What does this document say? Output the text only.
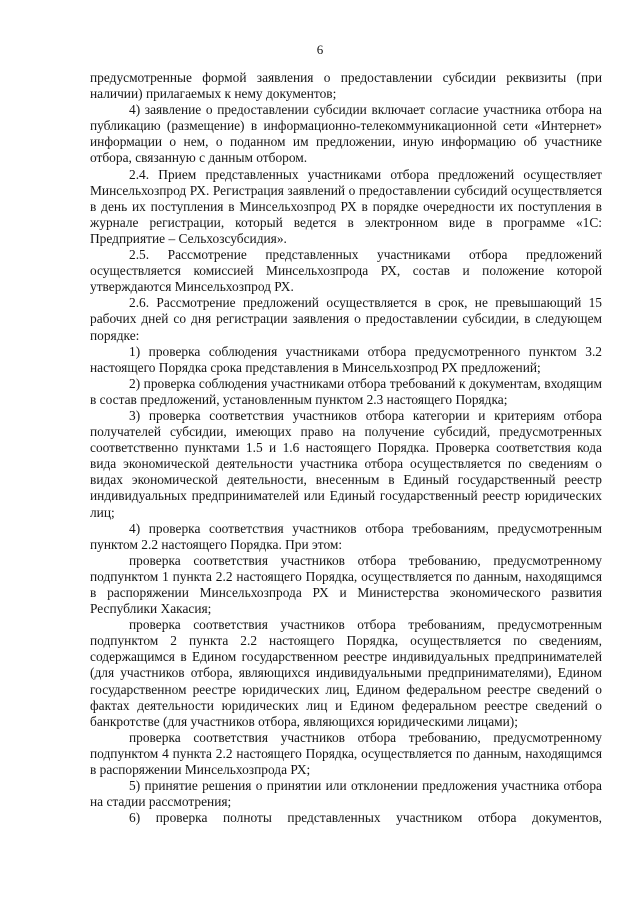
6

предусмотренные формой заявления о предоставлении субсидии реквизиты (при наличии) прилагаемых к нему документов;

4) заявление о предоставлении субсидии включает согласие участника отбора на публикацию (размещение) в информационно-телекоммуникационной сети «Интернет» информации о нем, о поданном им предложении, иную информацию об участнике отбора, связанную с данным отбором.

2.4. Прием представленных участниками отбора предложений осуществляет Минсельхозпрод РХ. Регистрация заявлений о предоставлении субсидий осуществляется в день их поступления в Минсельхозпрод РХ в порядке очередности их поступления в журнале регистрации, который ведется в электронном виде в программе «1С: Предприятие – Сельхозсубсидия».

2.5. Рассмотрение представленных участниками отбора предложений осуществляется комиссией Минсельхозпрода РХ, состав и положение которой утверждаются Минсельхозпрод РХ.

2.6. Рассмотрение предложений осуществляется в срок, не превышающий 15 рабочих дней со дня регистрации заявления о предоставлении субсидии, в следующем порядке:

1) проверка соблюдения участниками отбора предусмотренного пунктом 3.2 настоящего Порядка срока представления в Минсельхозпрод РХ предложений;

2) проверка соблюдения участниками отбора требований к документам, входящим в состав предложений, установленным пунктом 2.3 настоящего Порядка;

3) проверка соответствия участников отбора категории и критериям отбора получателей субсидии, имеющих право на получение субсидий, предусмотренных соответственно пунктами 1.5 и 1.6 настоящего Порядка. Проверка соответствия кода вида экономической деятельности участника отбора осуществляется по сведениям о видах экономической деятельности, внесенным в Единый государственный реестр индивидуальных предпринимателей или Единый государственный реестр юридических лиц;

4) проверка соответствия участников отбора требованиям, предусмотренным пунктом 2.2 настоящего Порядка. При этом:

проверка соответствия участников отбора требованию, предусмотренному подпунктом 1 пункта 2.2 настоящего Порядка, осуществляется по данным, находящимся в распоряжении Минсельхозпрода РХ и Министерства экономического развития Республики Хакасия;

проверка соответствия участников отбора требованиям, предусмотренным подпунктом 2 пункта 2.2 настоящего Порядка, осуществляется по сведениям, содержащимся в Едином государственном реестре индивидуальных предпринимателей (для участников отбора, являющихся индивидуальными предпринимателями), Едином государственном реестре юридических лиц, Едином федеральном реестре сведений о фактах деятельности юридических лиц и Едином федеральном реестре сведений о банкротстве (для участников отбора, являющихся юридическими лицами);

проверка соответствия участников отбора требованию, предусмотренному подпунктом 4 пункта 2.2 настоящего Порядка, осуществляется по данным, находящимся в распоряжении Минсельхозпрода РХ;

5) принятие решения о принятии или отклонении предложения участника отбора на стадии рассмотрения;

6) проверка полноты представленных участником отбора документов,
